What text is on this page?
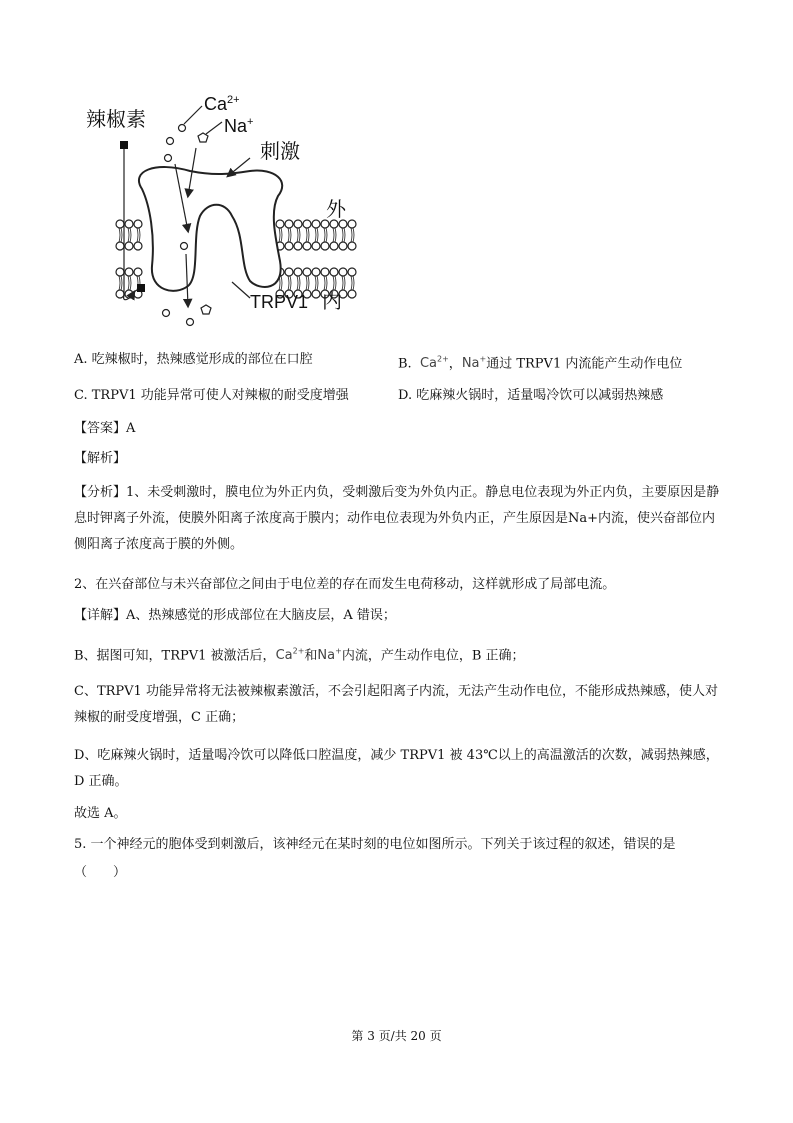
辣椒素
$Ca^{2+}$
Na+
刺激
外
TRPV1 内
A. 吃辣椒时，热辣感觉形成的部位在口腔	B. $Ca^{2+}$，Na+通过 TRPV1 内流能产生动作电位
C. TRPV1 功能异常可使人对辣椒的耐受度增强	D. 吃麻辣火锅时，适量喝冷饮可以减弱热辣感
【答案】A
【解析】
【分析】1、未受刺激时，膜电位为外正内负，受刺激后变为外负内正。静息电位表现为外正内负，主要原因是静息时钾离子外流，使膜外阳离子浓度高于膜内；动作电位表现为外负内正，产生原因是Na+内流，使兴奋部位内侧阳离子浓度高于膜的外侧。
2、在兴奋部位与未兴奋部位之间由于电位差的存在而发生电荷移动，这样就形成了局部电流。
【详解】A、热辣感觉的形成部位在大脑皮层，A 错误；
B、据图可知，TRPV1 被激活后，$Ca^{2+}$和Na+内流，产生动作电位，B 正确；
C、TRPV1 功能异常将无法被辣椒素激活，不会引起阳离子内流，无法产生动作电位，不能形成热辣感，使人对辣椒的耐受度增强，C 正确；
D、吃麻辣火锅时，适量喝冷饮可以降低口腔温度，减少 TRPV1 被 43℃以上的高温激活的次数，减弱热辣感，D 正确。
故选 A。
5. 一个神经元的胞体受到刺激后，该神经元在某时刻的电位如图所示。下列关于该过程的叙述，错误的是
（　　）
第 3 页/共 20 页
